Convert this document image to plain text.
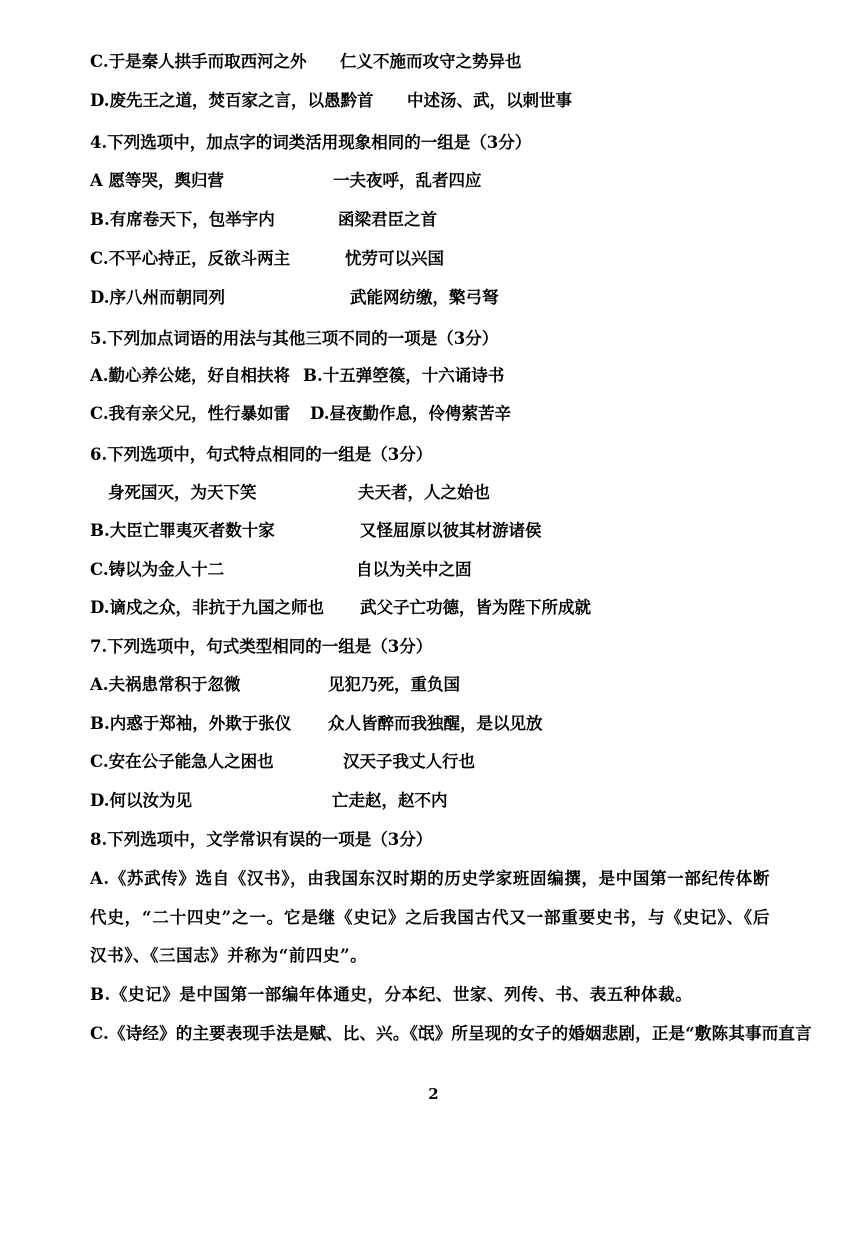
C.于是秦人拱手而取西河之外 仁义不施而攻守之势异也
D.废先王之道，焚百家之言，以愚黔首 中述汤、武，以刺世事
4.下列选项中，加点字的词类活用现象相同的一组是（3分）
A 愿等哭，舆归营	一夫夜呼，乱者四应
B.有席卷天下，包举宇内	函梁君臣之首
C.不平心持正，反欲斗两主	忧劳可以兴国
D.序八州而朝同列	武能网纺缴，檠弓弩
5.下列加点词语的用法与其他三项不同的一项是（3分）
A.勤心养公姥，好自相扶将 B.十五弹箜篌，十六诵诗书
C.我有亲父兄，性行暴如雷 D.昼夜勤作息，伶俜萦苦辛
6.下列选项中，句式特点相同的一组是（3分）
身死国灭，为天下笑	夫天者，人之始也
B.大臣亡罪夷灭者数十家	又怪屈原以彼其材游诸侯
C.铸以为金人十二	自以为关中之固
D.谪戍之众，非抗于九国之师也 武父子亡功德，皆为陛下所成就
7.下列选项中，句式类型相同的一组是（3分）
A.夫祸患常积于忽微	见犯乃死，重负国
B.内惑于郑袖，外欺于张仪 众人皆醉而我独醒，是以见放
C.安在公子能急人之困也	汉天子我丈人行也
D.何以汝为见	亡走赵，赵不内
8.下列选项中，文学常识有误的一项是（3分）
A.《苏武传》选自《汉书》，由我国东汉时期的历史学家班固编撰，是中国第一部纪传体断代史，“二十四史”之一。它是继《史记》之后我国古代又一部重要史书，与《史记》、《后汉书》、《三国志》并称为“前四史”。
B.《史记》是中国第一部编年体通史，分本纪、世家、列传、书、表五种体裁。
C.《诗经》的主要表现手法是赋、比、兴。《氓》所呈现的女子的婚姻悲剧，正是“敷陈其事而直言
2
